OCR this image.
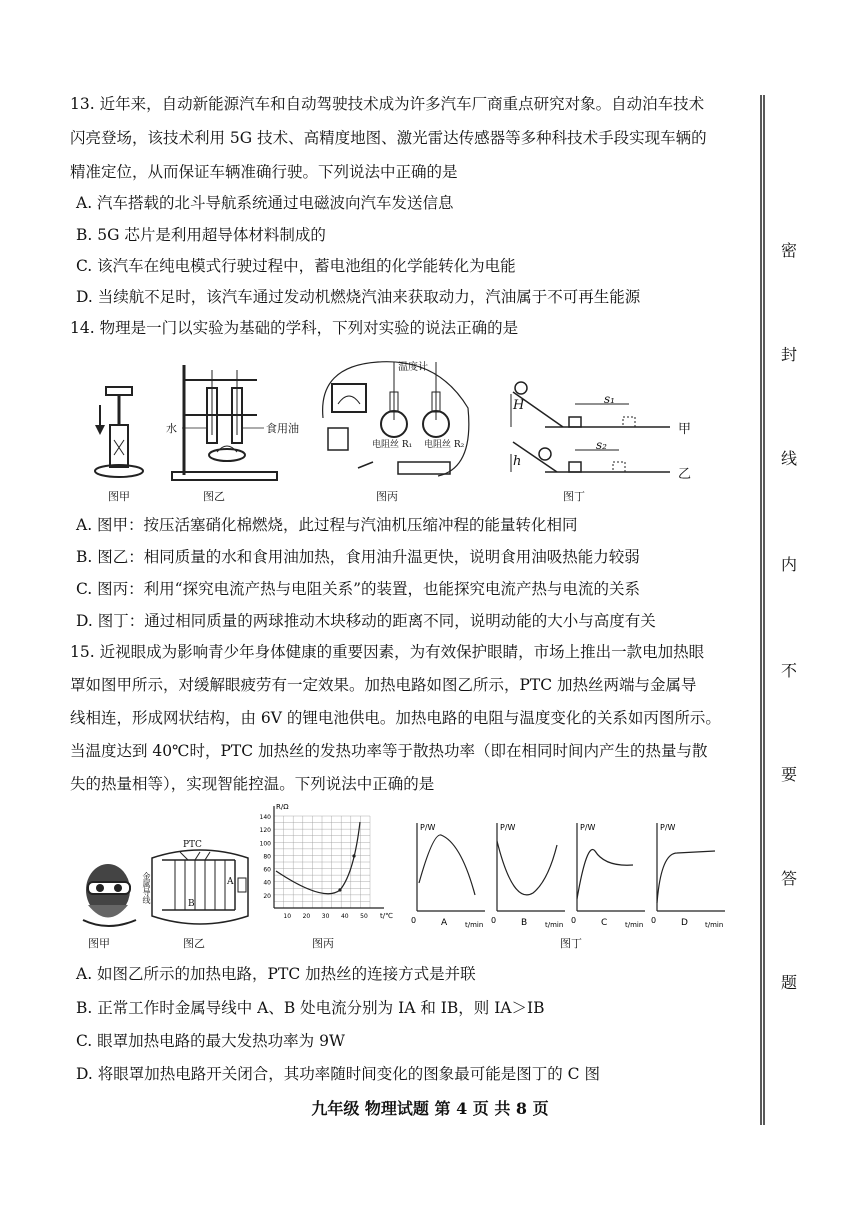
13. 近年来，自动新能源汽车和自动驾驶技术成为许多汽车厂商重点研究对象。自动泊车技术
闪亮登场，该技术利用 5G 技术、高精度地图、激光雷达传感器等多种科技术手段实现车辆的
精准定位，从而保证车辆准确行驶。下列说法中正确的是
A. 汽车搭载的北斗导航系统通过电磁波向汽车发送信息
B. 5G 芯片是利用超导体材料制成的
C. 该汽车在纯电模式行驶过程中，蓄电池组的化学能转化为电能
D. 当续航不足时，该汽车通过发动机燃烧汽油来获取动力，汽油属于不可再生能源
14. 物理是一门以实验为基础的学科，下列对实验的说法正确的是
图甲
水	食用油
图乙
温度计
电阻丝 R₁ 电阻丝 R₂
图丙
H
h
s₁
s₂
甲
乙
图丁
A. 图甲：按压活塞硝化棉燃烧，此过程与汽油机压缩冲程的能量转化相同
B. 图乙：相同质量的水和食用油加热，食用油升温更快，说明食用油吸热能力较弱
C. 图丙：利用“探究电流产热与电阻关系”的装置，也能探究电流产热与电流的关系
D. 图丁：通过相同质量的两球推动木块移动的距离不同，说明动能的大小与高度有关
15. 近视眼成为影响青少年身体健康的重要因素，为有效保护眼睛，市场上推出一款电加热眼
罩如图甲所示，对缓解眼疲劳有一定效果。加热电路如图乙所示，PTC 加热丝两端与金属导
线相连，形成网状结构，由 6V 的锂电池供电。加热电路的电阻与温度变化的关系如丙图所示。
当温度达到 40℃时，PTC 加热丝的发热功率等于散热功率（即在相同时间内产生的热量与散
失的热量相等），实现智能控温。下列说法中正确的是
图甲
PTC
A
B
金属导线
图乙
R/Ω
t/℃
140
120
100
80
60
40
20
10 20 30 40 50
图丙
P/W
t/min
0	A
P/W
t/min
0	B
P/W
t/min
0	C
P/W
t/min
0	D
图丁
A. 如图乙所示的加热电路，PTC 加热丝的连接方式是并联
B. 正常工作时金属导线中 A、B 处电流分别为 IA 和 IB，则 IA＞IB
C. 眼罩加热电路的最大发热功率为 9W
D. 将眼罩加热电路开关闭合，其功率随时间变化的图象最可能是图丁的 C 图
密
封
线
内
不
要
答
题
九年级 物理试题 第 4 页 共 8 页
